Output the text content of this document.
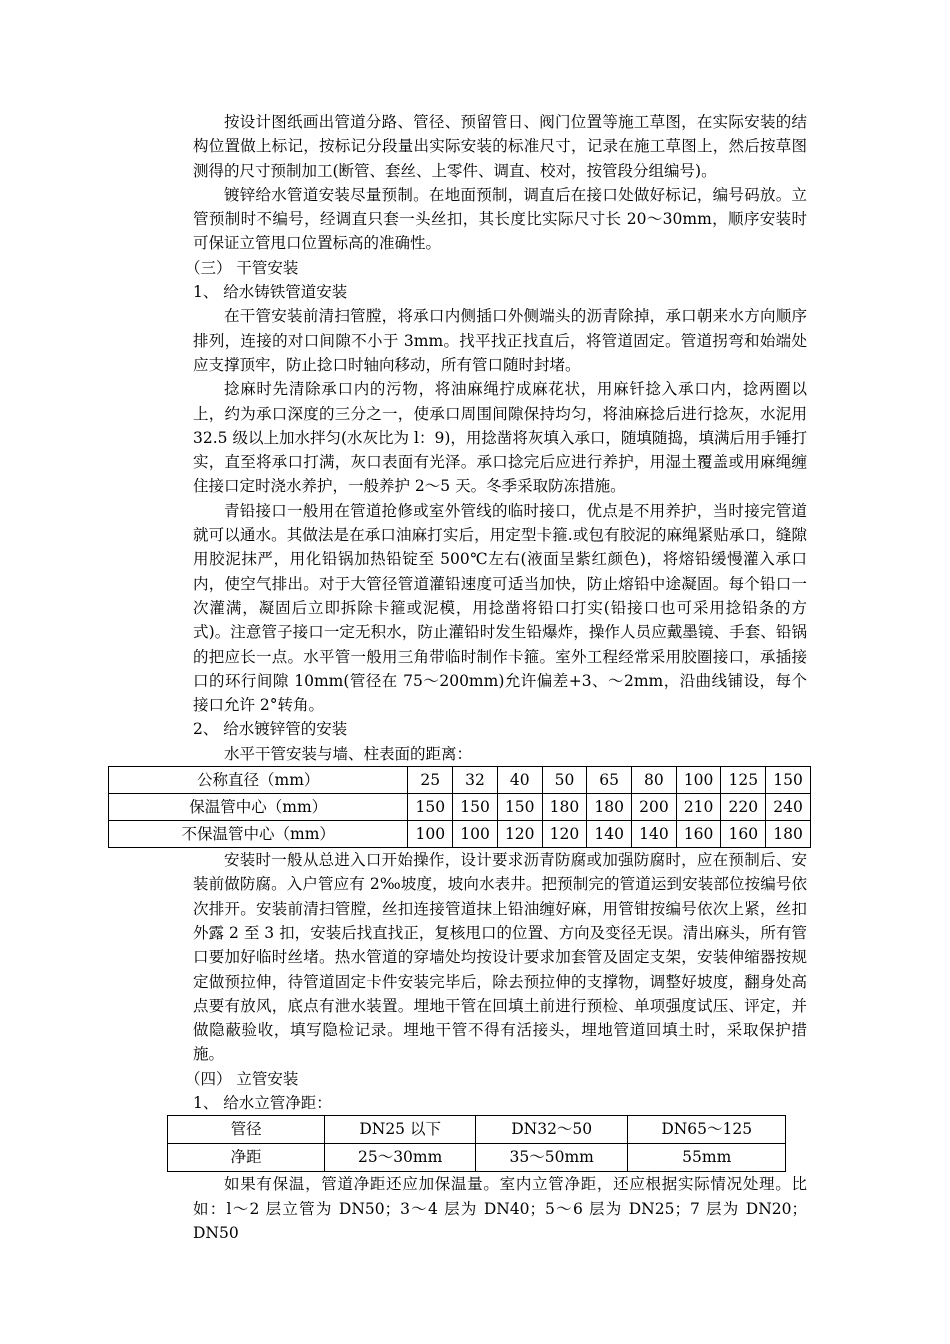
按设计图纸画出管道分路、管径、预留管日、阀门位置等施工草图，在实际安装的结构位置做上标记，按标记分段量出实际安装的标准尺寸，记录在施工草图上，然后按草图测得的尺寸预制加工(断管、套丝、上零件、调直、校对，按管段分组编号)。

镀锌给水管道安装尽量预制。在地面预制，调直后在接口处做好标记，编号码放。立管预制时不编号，经调直只套一头丝扣，其长度比实际尺寸长 20～30mm，顺序安装时可保证立管甩口位置标高的准确性。

（三） 干管安装

1、 给水铸铁管道安装

在干管安装前清扫管膛，将承口内侧插口外侧端头的沥青除掉，承口朝来水方向顺序排列，连接的对口间隙不小于 3mm。找平找正找直后，将管道固定。管道拐弯和始端处应支撑顶牢，防止捻口时轴向移动，所有管口随时封堵。

捻麻时先清除承口内的污物，将油麻绳拧成麻花状，用麻钎捻入承口内，捻两圈以上，约为承口深度的三分之一，使承口周围间隙保持均匀，将油麻捻后进行捻灰，水泥用 32.5 级以上加水拌匀(水灰比为 l：9)，用捻凿将灰填入承口，随填随捣，填满后用手锤打实，直至将承口打满，灰口表面有光泽。承口捻完后应进行养护，用湿土覆盖或用麻绳缠住接口定时浇水养护，一般养护 2～5 天。冬季采取防冻措施。

青铅接口一般用在管道抢修或室外管线的临时接口，优点是不用养护，当时接完管道就可以通水。其做法是在承口油麻打实后，用定型卡箍.或包有胶泥的麻绳紧贴承口，缝隙用胶泥抹严，用化铅锅加热铅锭至 500℃左右(液面呈紫红颜色)，将熔铅缓慢灌入承口内，使空气排出。对于大管径管道灌铅速度可适当加快，防止熔铅中途凝固。每个铅口一次灌满，凝固后立即拆除卡箍或泥模，用捻凿将铅口打实(铅接口也可采用捻铅条的方式)。注意管子接口一定无积水，防止灌铅时发生铅爆炸，操作人员应戴墨镜、手套、铅锅的把应长一点。水平管一般用三角带临时制作卡箍。室外工程经常采用胶圈接口，承插接口的环行间隙 10mm(管径在 75～200mm)允许偏差+3、～2mm，沿曲线铺设，每个接口允许 2°转角。

2、 给水镀锌管的安装

水平干管安装与墙、柱表面的距离：

公称直径（mm）	25	32	40	50	65	80	100	125	150
保温管中心（mm）	150	150	150	180	180	200	210	220	240
不保温管中心（mm）	100	100	120	120	140	140	160	160	180

安装时一般从总进入口开始操作，设计要求沥青防腐或加强防腐时，应在预制后、安装前做防腐。入户管应有 2‰坡度，坡向水表井。把预制完的管道运到安装部位按编号依次排开。安装前清扫管膛，丝扣连接管道抹上铅油缠好麻，用管钳按编号依次上紧，丝扣外露 2 至 3 扣，安装后找直找正，复核甩口的位置、方向及变径无误。清出麻头，所有管口要加好临时丝堵。热水管道的穿墙处均按设计要求加套管及固定支架，安装伸缩器按规定做预拉伸，待管道固定卡件安装完毕后，除去预拉伸的支撑物，调整好坡度，翻身处高点要有放风，底点有泄水装置。埋地干管在回填土前进行预检、单项强度试压、评定，并做隐蔽验收，填写隐检记录。埋地干管不得有活接头，埋地管道回填土时，采取保护措施。

（四） 立管安装

1、 给水立管净距：

管径	DN25 以下	DN32～50	DN65～125
净距	25～30mm	35～50mm	55mm

如果有保温，管道净距还应加保温量。室内立管净距，还应根据实际情况处理。比如：l～2 层立管为 DN50；3～4 层为 DN40；5～6 层为 DN25；7 层为 DN20；DN50
